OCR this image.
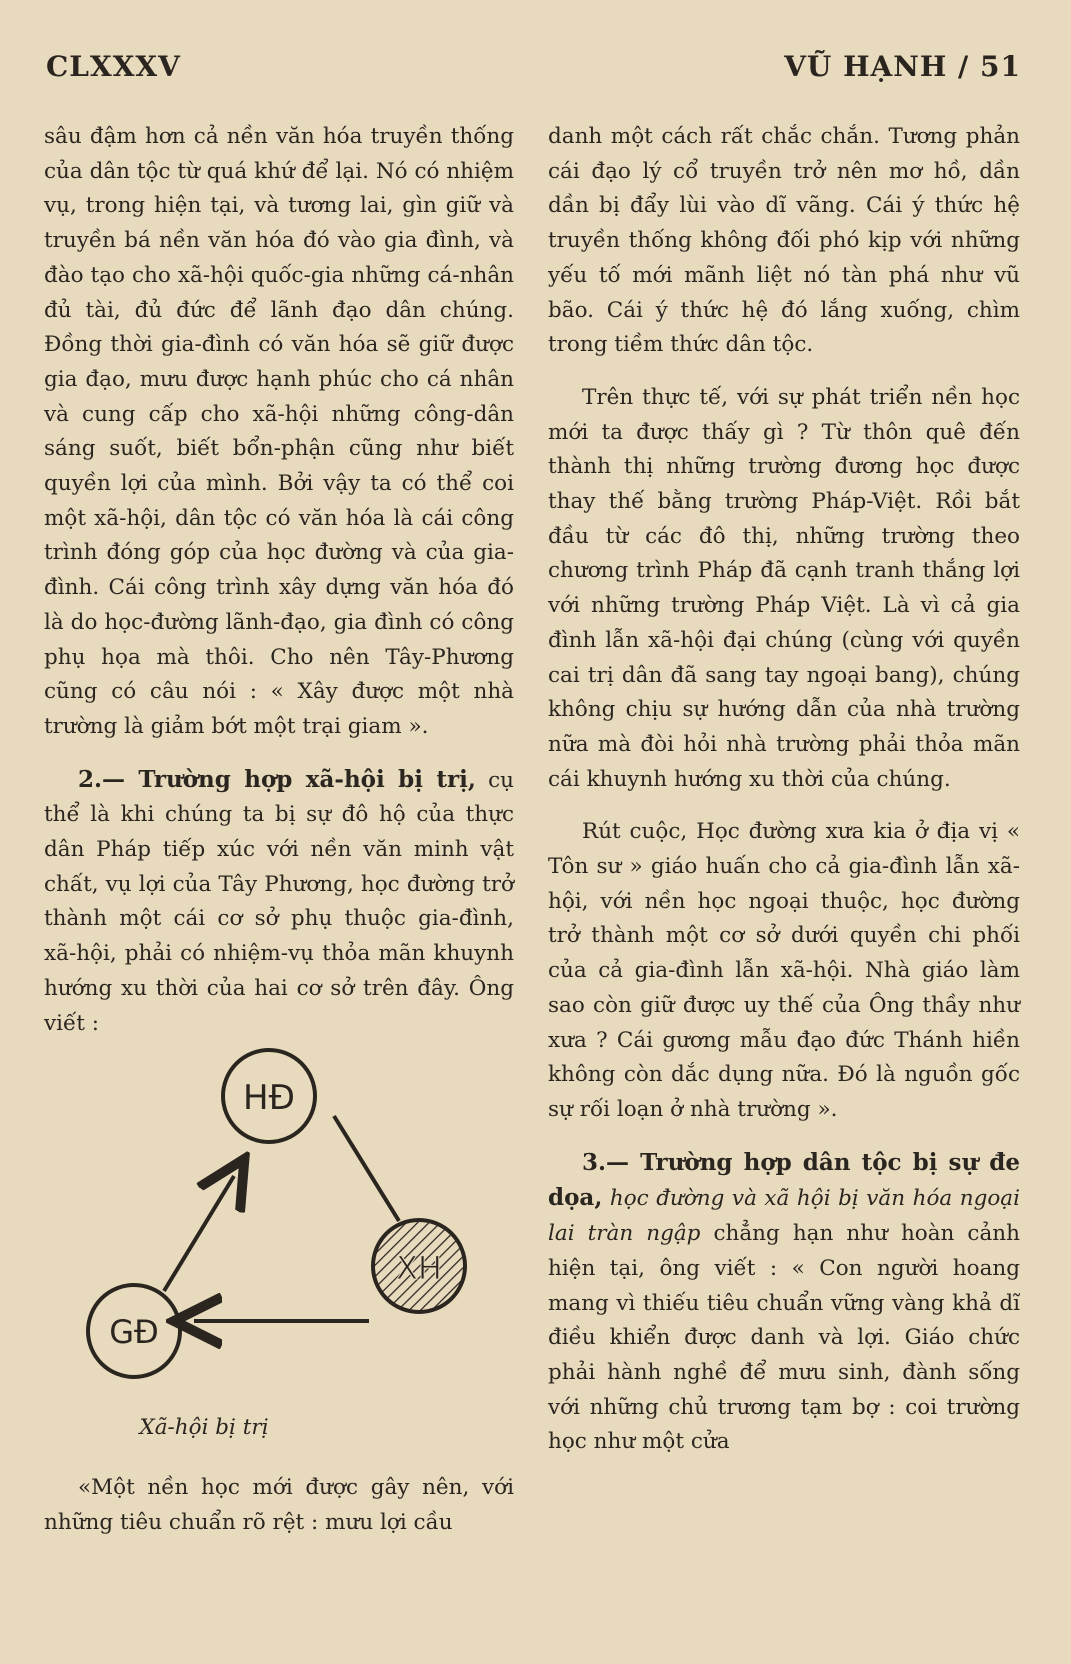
CLXXXV	VŨ HẠNH / 51

sâu đậm hơn cả nền văn hóa truyền thống của dân tộc từ quá khứ để lại. Nó có nhiệm vụ, trong hiện tại, và tương lai, gìn giữ và truyền bá nền văn hóa đó vào gia đình, và đào tạo cho xã-hội quốc-gia những cá-nhân đủ tài, đủ đức để lãnh đạo dân chúng. Đồng thời gia-đình có văn hóa sẽ giữ được gia đạo, mưu được hạnh phúc cho cá nhân và cung cấp cho xã-hội những công-dân sáng suốt, biết bổn-phận cũng như biết quyền lợi của mình. Bởi vậy ta có thể coi một xã-hội, dân tộc có văn hóa là cái công trình đóng góp của học đường và của gia-đình. Cái công trình xây dựng văn hóa đó là do học-đường lãnh-đạo, gia đình có công phụ họa mà thôi. Cho nên Tây-Phương cũng có câu nói : « Xây được một nhà trường là giảm bớt một trại giam ».

2.— Trường hợp xã-hội bị trị, cụ thể là khi chúng ta bị sự đô hộ của thực dân Pháp tiếp xúc với nền văn minh vật chất, vụ lợi của Tây Phương, học đường trở thành một cái cơ sở phụ thuộc gia-đình, xã-hội, phải có nhiệm-vụ thỏa mãn khuynh hướng xu thời của hai cơ sở trên đây. Ông viết :

HĐ
GĐ
XH
Xã-hội bị trị

«Một nền học mới được gây nên, với những tiêu chuẩn rõ rệt : mưu lợi cầu

danh một cách rất chắc chắn. Tương phản cái đạo lý cổ truyền trở nên mơ hồ, dần dần bị đẩy lùi vào dĩ vãng. Cái ý thức hệ truyền thống không đối phó kịp với những yếu tố mới mãnh liệt nó tàn phá như vũ bão. Cái ý thức hệ đó lắng xuống, chìm trong tiềm thức dân tộc.

Trên thực tế, với sự phát triển nền học mới ta được thấy gì ? Từ thôn quê đến thành thị những trường đương học được thay thế bằng trường Pháp-Việt. Rồi bắt đầu từ các đô thị, những trường theo chương trình Pháp đã cạnh tranh thắng lợi với những trường Pháp Việt. Là vì cả gia đình lẫn xã-hội đại chúng (cùng với quyền cai trị dân đã sang tay ngoại bang), chúng không chịu sự hướng dẫn của nhà trường nữa mà đòi hỏi nhà trường phải thỏa mãn cái khuynh hướng xu thời của chúng.

Rút cuộc, Học đường xưa kia ở địa vị « Tôn sư » giáo huấn cho cả gia-đình lẫn xã-hội, với nền học ngoại thuộc, học đường trở thành một cơ sở dưới quyền chi phối của cả gia-đình lẫn xã-hội. Nhà giáo làm sao còn giữ được uy thế của Ông thầy như xưa ? Cái gương mẫu đạo đức Thánh hiền không còn dắc dụng nữa. Đó là nguồn gốc sự rối loạn ở nhà trường ».

3.— Trường hợp dân tộc bị sự đe dọa, học đường và xã hội bị văn hóa ngoại lai tràn ngập chẳng hạn như hoàn cảnh hiện tại, ông viết : « Con người hoang mang vì thiếu tiêu chuẩn vững vàng khả dĩ điều khiển được danh và lợi. Giáo chức phải hành nghề để mưu sinh, đành sống với những chủ trương tạm bợ : coi trường học như một cửa
